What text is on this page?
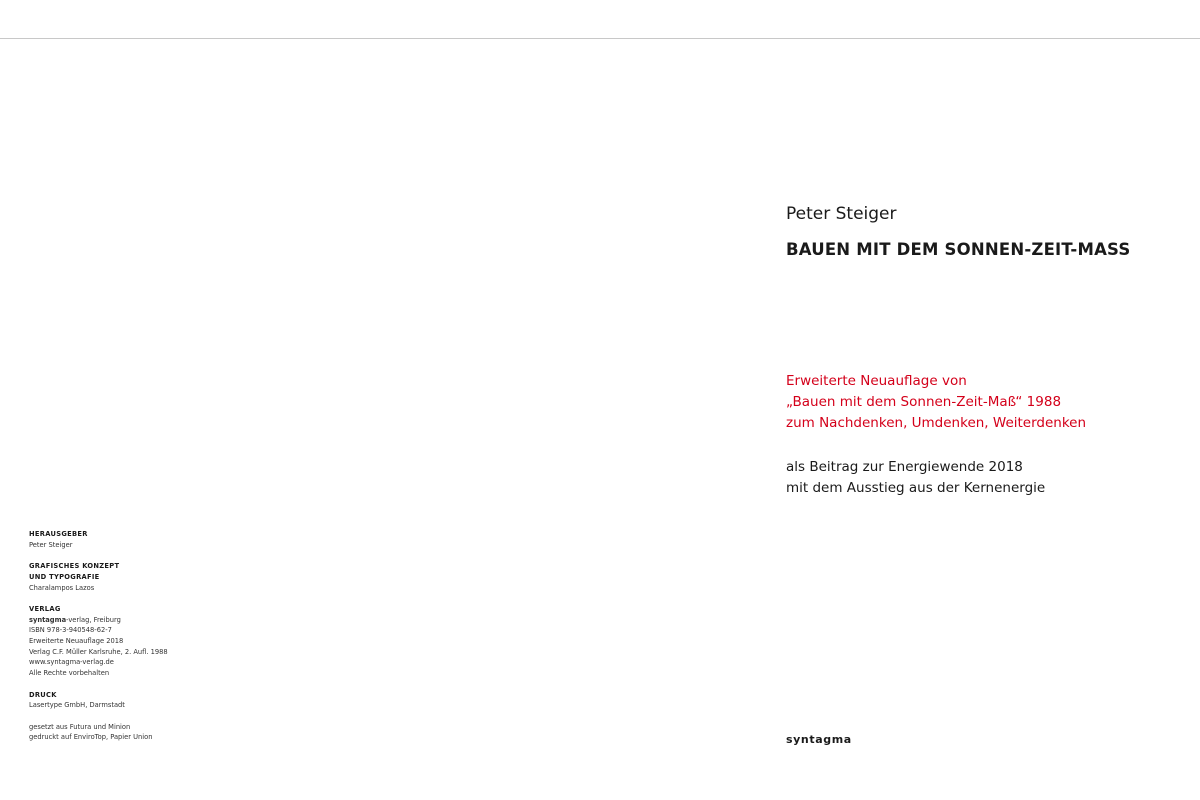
HERAUSGEBER
Peter Steiger
GRAFISCHES KONZEPT
UND TYPOGRAFIE
Charalampos Lazos
VERLAG
syntagma-verlag, Freiburg
ISBN 978-3-940548-62-7
Erweiterte Neuauflage 2018
Verlag C.F. Müller Karlsruhe, 2. Aufl. 1988
www.syntagma-verlag.de
Alle Rechte vorbehalten
DRUCK
Lasertype GmbH, Darmstadt
gesetzt aus Futura und Minion
gedruckt auf EnviroTop, Papier Union
Peter Steiger
BAUEN MIT DEM SONNEN-ZEIT-MASS
Erweiterte Neuauflage von
„Bauen mit dem Sonnen-Zeit-Maß“ 1988
zum Nachdenken, Umdenken, Weiterdenken
als Beitrag zur Energiewende 2018
mit dem Ausstieg aus der Kernenergie
syntagma
